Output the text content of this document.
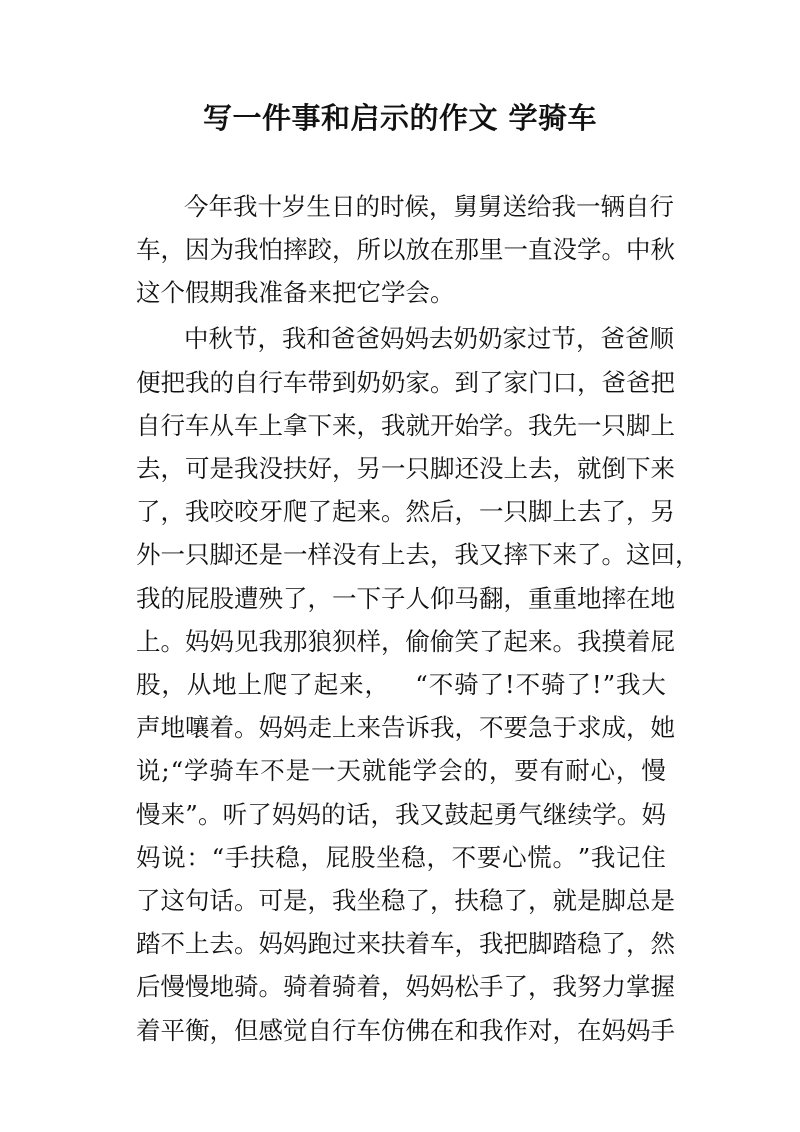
写一件事和启示的作文 学骑车
今 年 我 十 岁 生 日 的 时 候 ， 舅 舅 送 给 我 一 辆 自 行
车 ， 因 为 我 怕 摔 跤 ， 所 以 放 在 那 里 一 直 没 学 。 中 秋
这个假期我准备来把它学会。
中 秋 节 ， 我 和 爸 爸 妈 妈 去 奶 奶 家 过 节 ， 爸 爸 顺
便 把 我 的 自 行 车 带 到 奶 奶 家 。 到 了 家 门 口 ， 爸 爸 把
自 行 车 从 车 上 拿 下 来 ， 我 就 开 始 学 。 我 先 一 只 脚 上
去 ， 可 是 我 没 扶 好 ， 另 一 只 脚 还 没 上 去 ， 就 倒 下 来
了 ， 我 咬 咬 牙 爬 了 起 来 。 然 后 ， 一 只 脚 上 去 了 ， 另
外 一 只 脚 还 是 一 样 没 有 上 去 ， 我 又 摔 下 来 了 。 这 回 ，
我 的 屁 股 遭 殃 了 ， 一 下 子 人 仰 马 翻 ， 重 重 地 摔 在 地
上 。 妈 妈 见 我 那 狼 狈 样 ， 偷 偷 笑 了 起 来 。 我 摸 着 屁
股 ， 从 地 上 爬 了 起 来 ，
　 “ 不 骑 了 ! 不 骑 了 ! ” 我 大
声 地 嚷 着 。 妈 妈 走 上 来 告 诉 我 ， 不 要 急 于 求 成 ， 她
说 ; “ 学 骑 车 不 是 一 天 就 能 学 会 的 ， 要 有 耐 心 ， 慢
慢 来 ” 。 听 了 妈 妈 的 话 ， 我 又 鼓 起 勇 气 继 续 学 。 妈
妈 说 ： “ 手 扶 稳 ， 屁 股 坐 稳 ， 不 要 心 慌 。 ” 我 记 住
了 这 句 话 。 可 是 ， 我 坐 稳 了 ， 扶 稳 了 ， 就 是 脚 总 是
踏 不 上 去 。 妈 妈 跑 过 来 扶 着 车 ， 我 把 脚 踏 稳 了 ， 然
后 慢 慢 地 骑 。 骑 着 骑 着 ， 妈 妈 松 手 了 ， 我 努 力 掌 握
着 平 衡 ， 但 感 觉 自 行 车 仿 佛 在 和 我 作 对 ， 在 妈 妈 手
